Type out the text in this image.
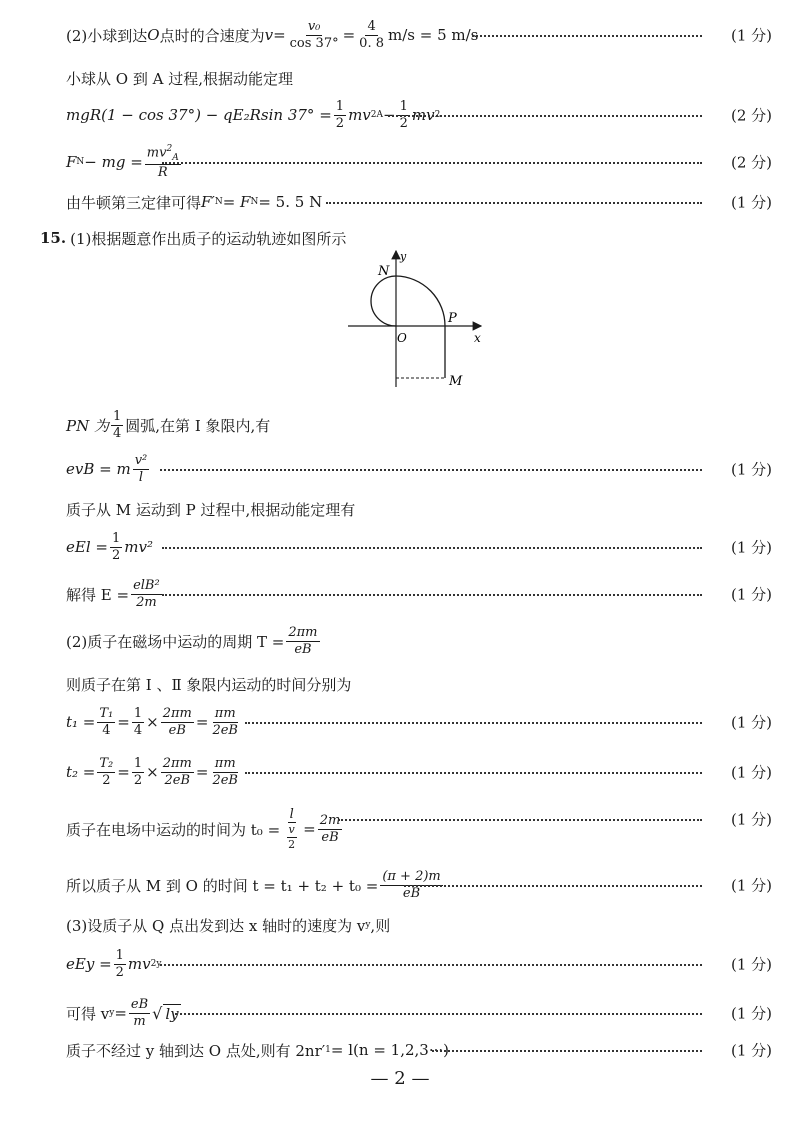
(2)小球到达 O 点时的合速度为 $v = \frac{\text{v₀}}{\cos 37^\circ} = \frac{4}{0. 8} m/s = 5$ m/s	(1 分)
小球从 O 到 A 过程,根据动能定理
mgR(1 − cos 37°) − qE₂Rsin $37^\circ = \frac{1}{2}$ mv 2 $A - \frac{1}{2}$ mv 2	(2 分)
F N − mg = $\frac{mv^2_A}{R}$	(2 分)
由牛顿第三定律可得 F′ N = F N = 5. 5 N	(1 分)
15. (1)根据题意作出质子的运动轨迹如图所示
N
y
P
O	x
M
PN 为 $\frac{1}{4}$ 圆弧,在第 Ⅰ 象限内,有
evB = m $\frac{\text{v²}}{l}$	(1 分)
质子从 M 运动到 P 过程中,根据动能定理有
eEl = $\frac{1}{2} mv^2$	(1 分)
解得 $E = \frac{\text{elB²}}{2m}$	(1 分)
(2)质子在磁场中运动的周期 $T = \frac{2\pi m}{eB}$
则质子在第 Ⅰ 、Ⅱ 象限内运动的时间分别为
$t_1 = \frac{\text{T₁}}{4} = \frac{1}{4} \times \frac{2\pi m}{eB} = \frac{\pi m}{2eB}$	(1 分)
$t_2 = \frac{\text{T₂}}{2} = \frac{1}{2} \times \frac{2\pi m}{2eB} = \frac{\pi m}{2eB}$	(1 分)
质子在电场中运动的时间为 $t_0 = \frac{l}{\frac{v}{2}} = \frac{2m}{eB}$	(1 分)
所以质子从 M 到 O 的时间 $t = t_1 + t_2 + t_0 = \frac{(\pi + 2)m}{eB}$	(1 分)
(3)设质子从 Q 点出发到达 x 轴时的速度为 v y ,则
eEy = $\frac{1}{2}$ mv 2 y	(1 分)
可得 v $y = \frac{eB}{m}$ √ ly	(1 分)
质子不经过 y 轴到达 O 点处,则有 2nr′ 1 = l(n = 1,2,3···)	(1 分)
— 2 —
